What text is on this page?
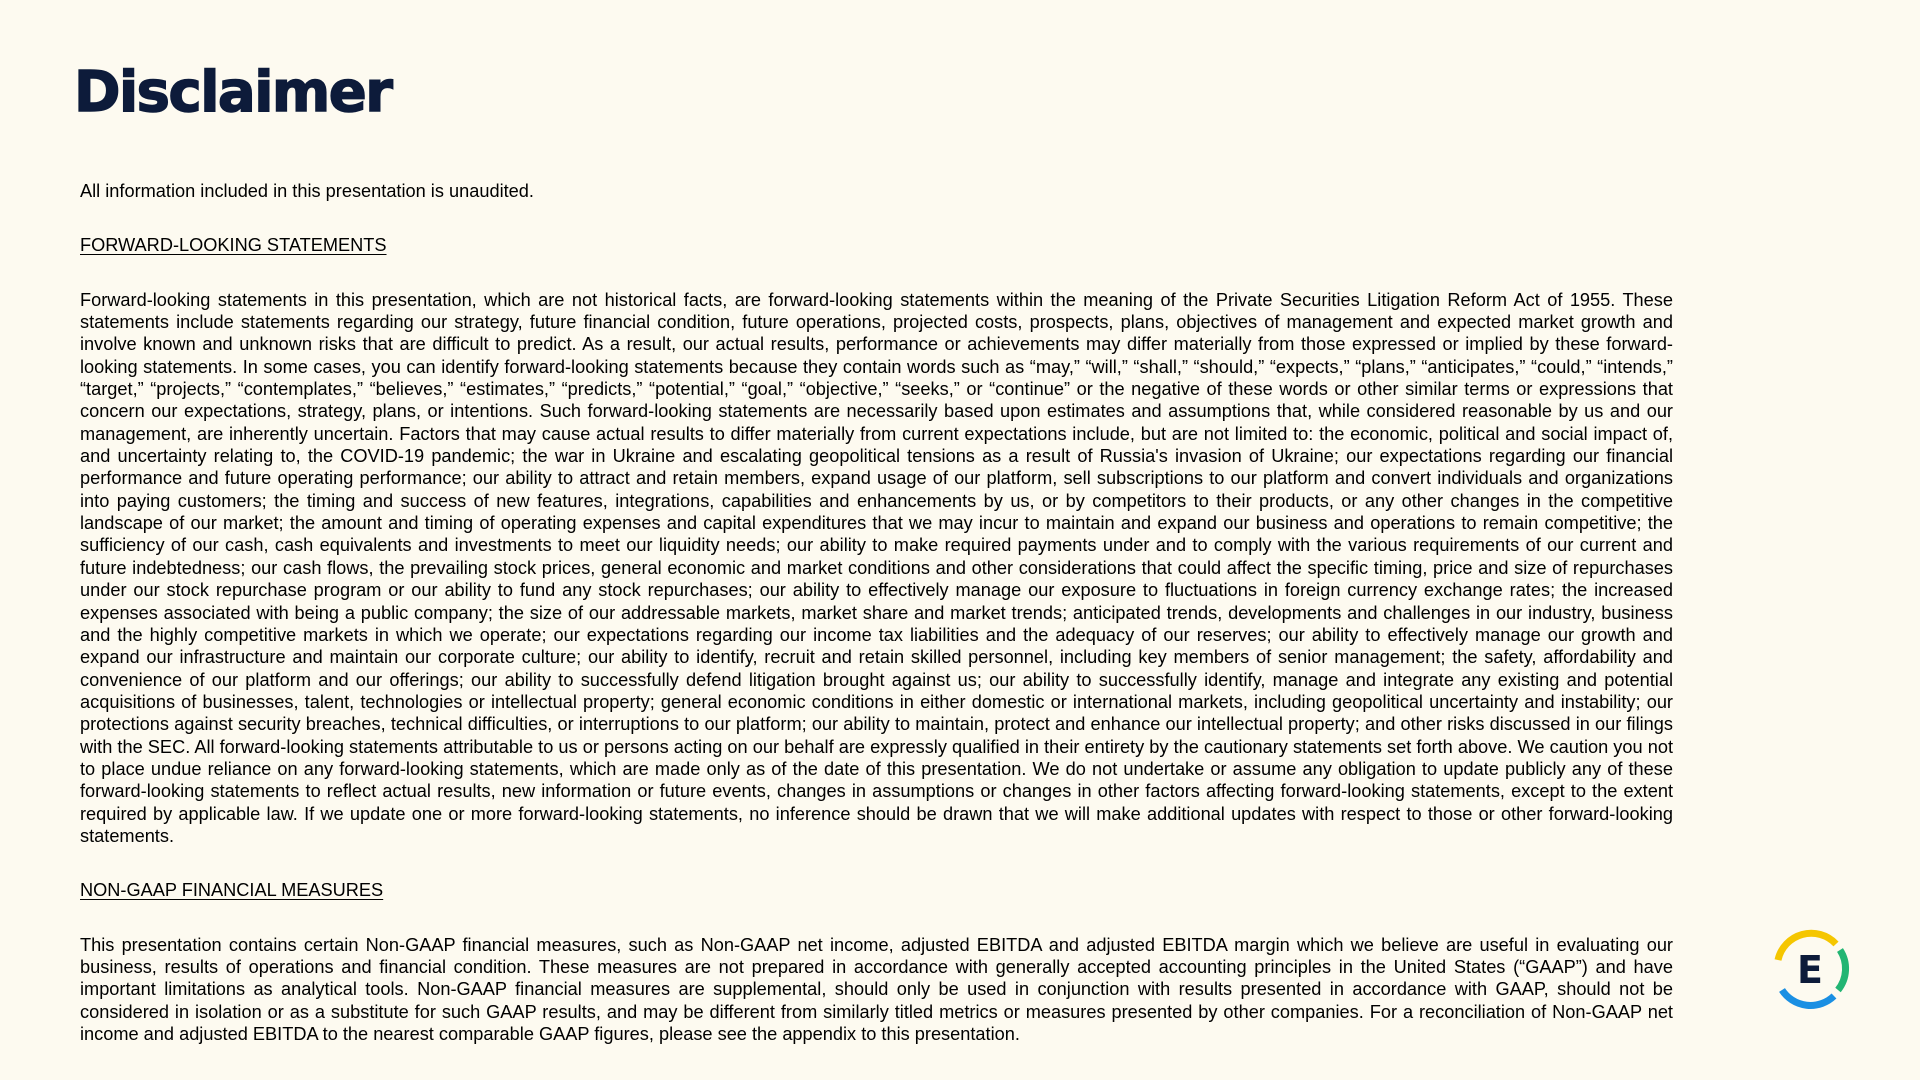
Disclaimer

All information included in this presentation is unaudited.

FORWARD-LOOKING STATEMENTS

Forward-looking statements in this presentation, which are not historical facts, are forward-looking statements within the meaning of the Private Securities Litigation Reform Act of 1955. These statements include statements regarding our strategy, future financial condition, future operations, projected costs, prospects, plans, objectives of management and expected market growth and involve known and unknown risks that are difficult to predict. As a result, our actual results, performance or achievements may differ materially from those expressed or implied by these forward-looking statements. In some cases, you can identify forward-looking statements because they contain words such as “may,” “will,” “shall,” “should,” “expects,” “plans,” “anticipates,” “could,” “intends,” “target,” “projects,” “contemplates,” “believes,” “estimates,” “predicts,” “potential,” “goal,” “objective,” “seeks,” or “continue” or the negative of these words or other similar terms or expressions that concern our expectations, strategy, plans, or intentions. Such forward-looking statements are necessarily based upon estimates and assumptions that, while considered reasonable by us and our management, are inherently uncertain. Factors that may cause actual results to differ materially from current expectations include, but are not limited to: the economic, political and social impact of, and uncertainty relating to, the COVID-19 pandemic; the war in Ukraine and escalating geopolitical tensions as a result of Russia's invasion of Ukraine; our expectations regarding our financial performance and future operating performance; our ability to attract and retain members, expand usage of our platform, sell subscriptions to our platform and convert individuals and organizations into paying customers; the timing and success of new features, integrations, capabilities and enhancements by us, or by competitors to their products, or any other changes in the competitive landscape of our market; the amount and timing of operating expenses and capital expenditures that we may incur to maintain and expand our business and operations to remain competitive; the sufficiency of our cash, cash equivalents and investments to meet our liquidity needs; our ability to make required payments under and to comply with the various requirements of our current and future indebtedness; our cash flows, the prevailing stock prices, general economic and market conditions and other considerations that could affect the specific timing, price and size of repurchases under our stock repurchase program or our ability to fund any stock repurchases; our ability to effectively manage our exposure to fluctuations in foreign currency exchange rates; the increased expenses associated with being a public company; the size of our addressable markets, market share and market trends; anticipated trends, developments and challenges in our industry, business and the highly competitive markets in which we operate; our expectations regarding our income tax liabilities and the adequacy of our reserves; our ability to effectively manage our growth and expand our infrastructure and maintain our corporate culture; our ability to identify, recruit and retain skilled personnel, including key members of senior management; the safety, affordability and convenience of our platform and our offerings; our ability to successfully defend litigation brought against us; our ability to successfully identify, manage and integrate any existing and potential acquisitions of businesses, talent, technologies or intellectual property; general economic conditions in either domestic or international markets, including geopolitical uncertainty and instability; our protections against security breaches, technical difficulties, or interruptions to our platform; our ability to maintain, protect and enhance our intellectual property; and other risks discussed in our filings with the SEC. All forward-looking statements attributable to us or persons acting on our behalf are expressly qualified in their entirety by the cautionary statements set forth above. We caution you not to place undue reliance on any forward-looking statements, which are made only as of the date of this presentation. We do not undertake or assume any obligation to update publicly any of these forward-looking statements to reflect actual results, new information or future events, changes in assumptions or changes in other factors affecting forward-looking statements, except to the extent required by applicable law. If we update one or more forward-looking statements, no inference should be drawn that we will make additional updates with respect to those or other forward-looking statements.

NON-GAAP FINANCIAL MEASURES

This presentation contains certain Non-GAAP financial measures, such as Non-GAAP net income, adjusted EBITDA and adjusted EBITDA margin which we believe are useful in evaluating our business, results of operations and financial condition. These measures are not prepared in accordance with generally accepted accounting principles in the United States (“GAAP”) and have important limitations as analytical tools. Non-GAAP financial measures are supplemental, should only be used in conjunction with results presented in accordance with GAAP, should not be considered in isolation or as a substitute for such GAAP results, and may be different from similarly titled metrics or measures presented by other companies. For a reconciliation of Non-GAAP net income and adjusted EBITDA to the nearest comparable GAAP figures, please see the appendix to this presentation.

E
